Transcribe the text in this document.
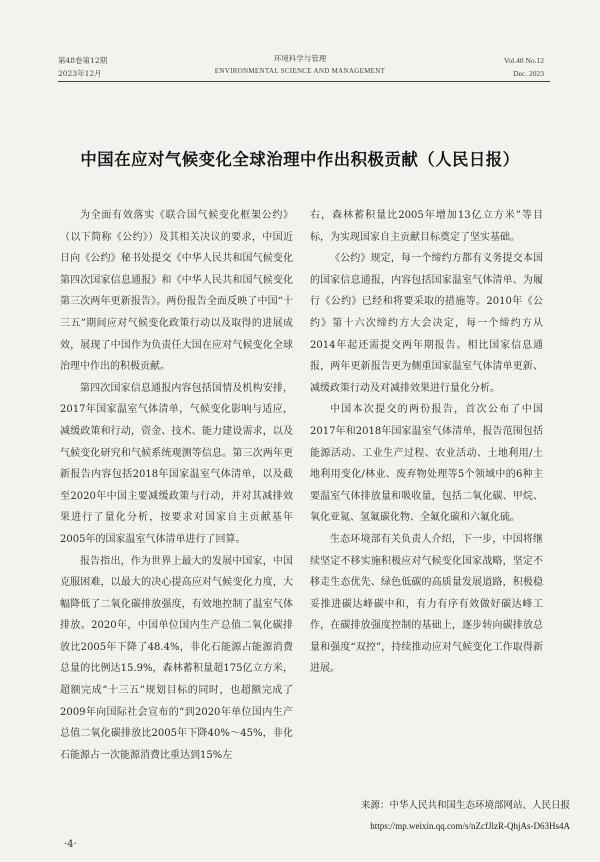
第48卷第12期
2023年12月
环境科学与管理
ENVIRONMENTAL SCIENCE AND MANAGEMENT
Vol.48 No.12
Dec. 2023
中国在应对气候变化全球治理中作出积极贡献（人民日报）

为全面有效落实《联合国气候变化框架公约》（以下简称《公约》）及其相关决议的要求，中国近日向《公约》秘书处提交《中华人民共和国气候变化第四次国家信息通报》和《中华人民共和国气候变化第三次两年更新报告》。两份报告全面反映了中国“十三五”期间应对气候变化政策行动以及取得的进展成效，展现了中国作为负责任大国在应对气候变化全球治理中作出的积极贡献。

第四次国家信息通报内容包括国情及机构安排，2017年国家温室气体清单，气候变化影响与适应，减缓政策和行动，资金、技术、能力建设需求，以及气候变化研究和气候系统观测等信息。第三次两年更新报告内容包括2018年国家温室气体清单，以及截至2020年中国主要减缓政策与行动，并对其减排效果进行了量化分析，按要求对国家自主贡献基年2005年的国家温室气体清单进行了回算。

报告指出，作为世界上最大的发展中国家，中国克服困难，以最大的决心提高应对气候变化力度，大幅降低了二氧化碳排放强度，有效地控制了温室气体排放。2020年，中国单位国内生产总值二氧化碳排放比2005年下降了48.4%，非化石能源占能源消费总量的比例达15.9%，森林蓄积量超175亿立方米，超额完成“十三五”规划目标的同时，也超额完成了2009年向国际社会宣布的“到2020年单位国内生产总值二氧化碳排放比2005年下降40%～45%，非化石能源占一次能源消费比重达到15%左

右，森林蓄积量比2005年增加13亿立方米”等目标，为实现国家自主贡献目标奠定了坚实基础。

《公约》规定，每一个缔约方都有义务提交本国的国家信息通报，内容包括国家温室气体清单、为履行《公约》已经和将要采取的措施等。2010年《公约》第十六次缔约方大会决定，每一个缔约方从2014年起还需提交两年期报告。相比国家信息通报，两年更新报告更为侧重国家温室气体清单更新、减缓政策行动及对减排效果进行量化分析。

中国本次提交的两份报告，首次公布了中国2017年和2018年国家温室气体清单，报告范围包括能源活动、工业生产过程、农业活动、土地利用/土地利用变化/林业、废弃物处理等5个领域中的6种主要温室气体排放量和吸收量，包括二氧化碳、甲烷、氧化亚氮、氢氟碳化物、全氟化碳和六氟化硫。

生态环境部有关负责人介绍，下一步，中国将继续坚定不移实施积极应对气候变化国家战略，坚定不移走生态优先、绿色低碳的高质量发展道路，积极稳妥推进碳达峰碳中和，有力有序有效做好碳达峰工作，在碳排放强度控制的基础上，逐步转向碳排放总量和强度“双控”，持续推动应对气候变化工作取得新进展。

来源：中华人民共和国生态环境部网站、人民日报
https://mp.weixin.qq.com/s/nZcfJlzR-QhjAs-D63Hs4A
·4·
